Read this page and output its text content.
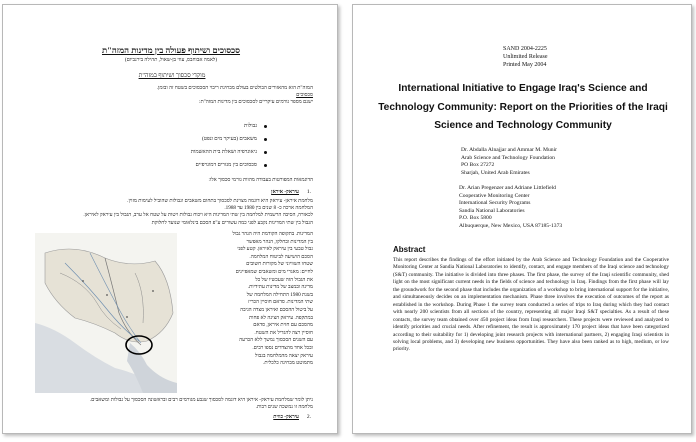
סכסוכים ושיתוף פעולה בין מדינות המזה"ת
(לאמה אבוחבס, עוזי בן-שאול, תהילה בירנביום)
מוקדי סכסוך ושיתוף במזה"ת

המזה"ת הוא מהאזורים הבולטים בעולם מבחינת ריבוי הסכסוכים בשטח זה ובזמן.

סכסוכים

ישנם מספר גורמים עיקריים לסכסוכים בין מדינות המזה"ת:

גבולות
משאבים (בעיקר מים ונפט)
גיאוגרפיה ושאלת בית ההאשמות
סכסוכים בין מגזרים דמוגרפיים
הדוגמאות המפורטות בעבודה מהוות גורמי סכסוך אלו:
1.
עיראק- איראן

מלחמת איראן- עיראק היא דוגמה מצוינת לסכסוך בתחום משאבים וגבולות שהוביל לעימות מזוין.

המלחמה ארכה כ- 8 שנים בין 1980 עד 1988.

לכאורה, הסיבה הרשמית למלחמה בין שתי המדינות היא ויכוח גבולות ויטות על שטח אל ערב, הגבול בין עיראק לאיראן.

הגבול בין שתי המדינות נקבע לפני כמה עשורים ע"פ הסכם בינלאומי שנועד לחלוקת

המדינות. בתקופה הקודמת היה הנהר גבול

בין המדינות ובחלקו, הנהר מאפשר

גבול טבעי בין עיראק לאיראן. קטע לפני

הסכם הושיעה לביטוח המלחמה.

שטחו השוויוני של מקורות חשובים

לחיים: מאגרי מים ומשאבים שמאפיינים

את הגבול הזה שעכשיו של כל

מדינה ובמצב של מדינות עתידיות.

בשנת 1980 התחילה המלחמה של

שתי המדינות. סדאם חוסיין הכריז

על ביטול ההסכם ואיראן מצדה הגיבה

במתקפה. עיראק הציגה לא פחות

מהסכם עם חזית איראן, סדאם

חוסיין רצה להגדיל את השטח.

עם השנים הסכסוך נמשך ללא הכרעה

ובכל אחד מהצדדים נספו רבים.

עיראק יצאה מהמלחמה בגבול

מתמוטט מבחינה כלכלית.

ניתן לומר שמלחמת עיראק- איראן היא דוגמה לסכסוך שנבע מגורמים רבים ובראשונה הסכסוך על גבולות ומשאבים.

מלחמה זו נמשכה שנים רבות.

2.
עיראק- כווית
SAND 2004-2225
Unlimited Release
Printed May 2004
International Initiative to Engage Iraq's Science and Technology Community: Report on the Priorities of the Iraqi Science and Technology Community
Dr. Abdalla Alnajjar and Ammar M. Munir
Arab Science and Technology Foundation
PO Box 27272
Sharjah, United Arab Emirates
Dr. Arian Pregenzer and Adriane Littlefield
Cooperative Monitoring Center
International Security Programs
Sandia National Laboratories
P.O. Box 5800
Albuquerque, New Mexico, USA 87185-1373
Abstract

This report describes the findings of the effort initiated by the Arab Science and Technology Foundation and the Cooperative Monitoring Center at Sandia National Laboratories to identify, contact, and engage members of the Iraqi science and technology (S&T) community. The initiative is divided into three phases. The first phase, the survey of the Iraqi scientific community, shed light on the most significant current needs in the fields of science and technology in Iraq. Findings from the first phase will lay the groundwork for the second phase that includes the organization of a workshop to bring international support for the initiative, and simultaneously decides on an implementation mechanism. Phase three involves the execution of outcomes of the report as established in the workshop. During Phase 1 the survey team conducted a series of trips to Iraq during which they had contact with nearly 200 scientists from all sections of the country, representing all major Iraqi S&T specialties. As a result of these contacts, the survey team obtained over 450 project ideas from Iraqi researchers. These projects were reviewed and analyzed to identify priorities and crucial needs. After refinement, the result is approximately 170 project ideas that have been categorized according to their suitability for 1) developing joint research projects with international partners, 2) engaging Iraqi scientists in solving local problems, and 3) developing new business opportunities. They have also been ranked as to high, medium, or low priority.
